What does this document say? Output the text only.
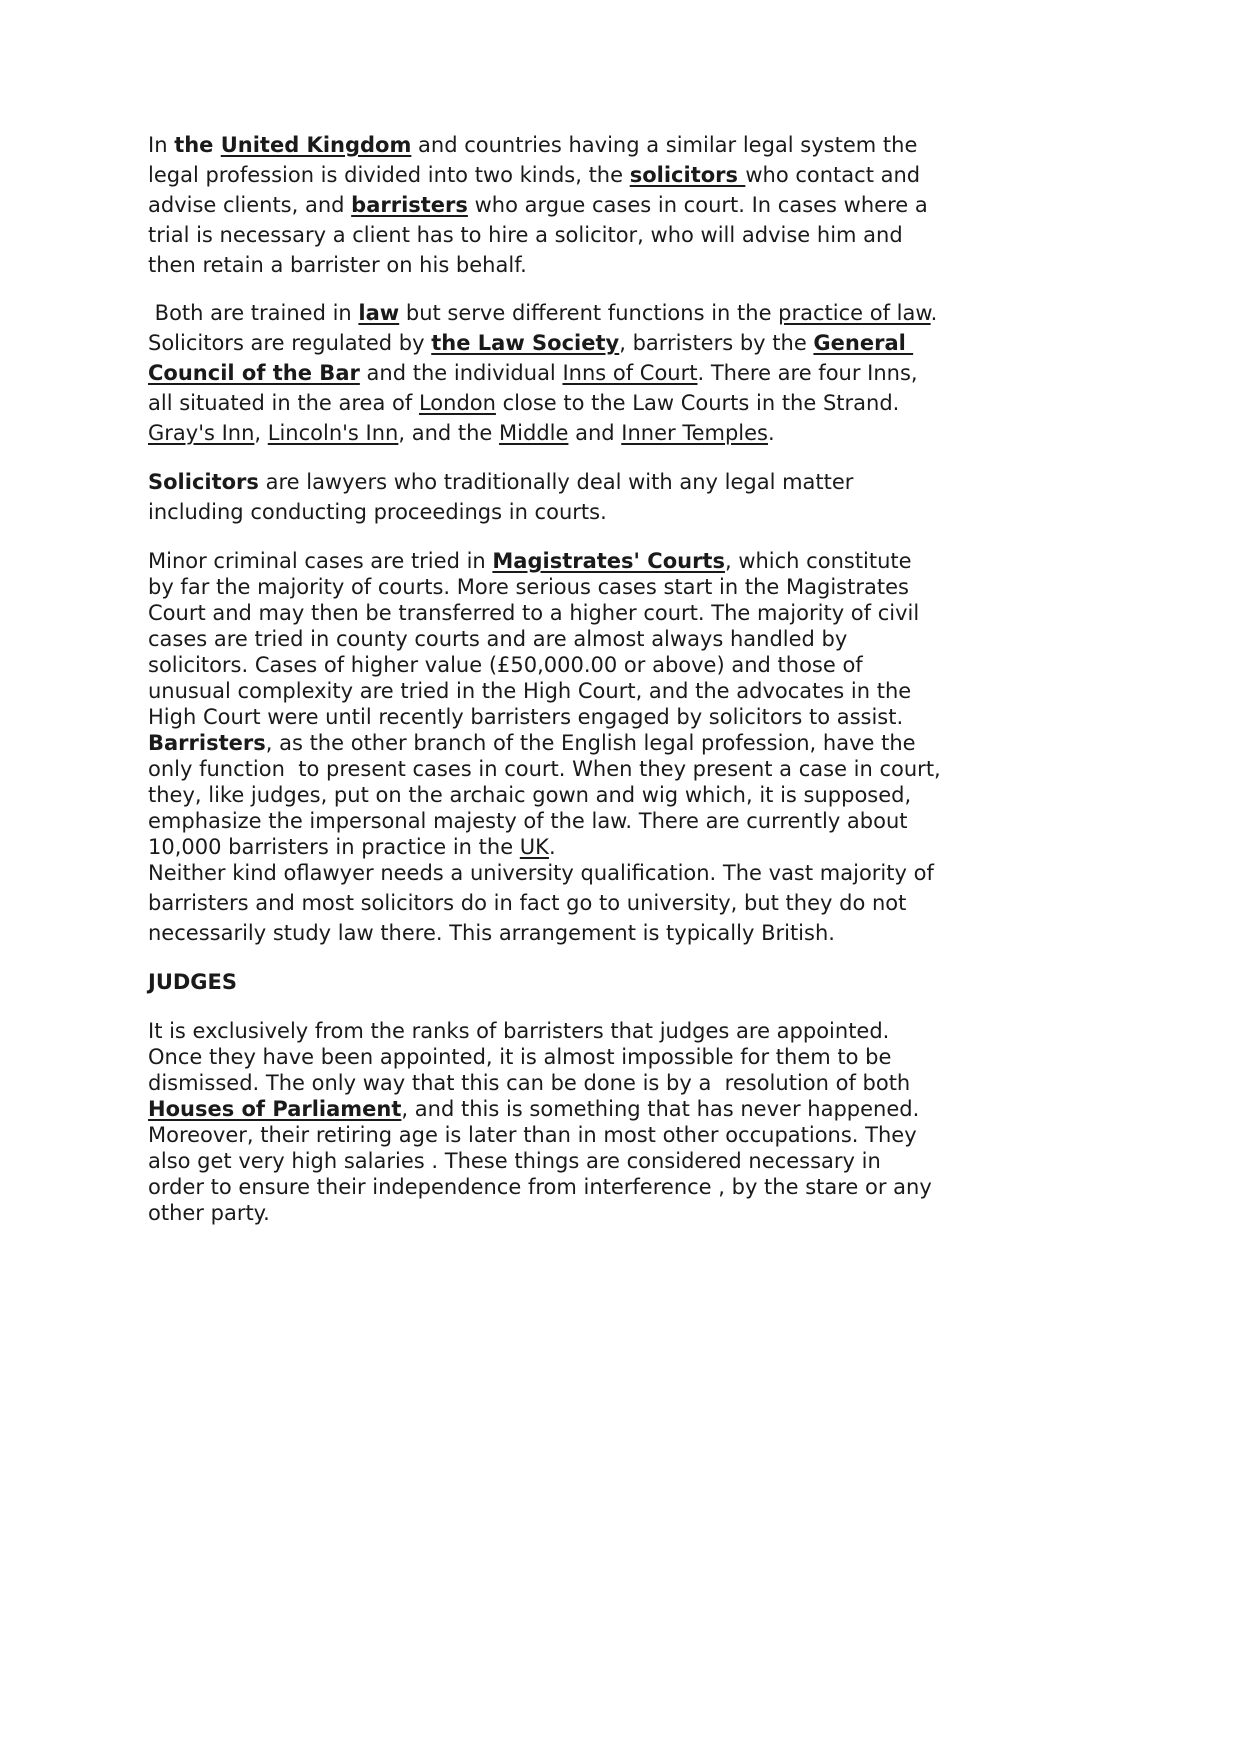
In the United Kingdom and countries having a similar legal system the
legal profession is divided into two kinds, the solicitors who contact and
advise clients, and barristers who argue cases in court. In cases where a
trial is necessary a client has to hire a solicitor, who will advise him and
then retain a barrister on his behalf.
Both are trained in law but serve different functions in the practice of law.
Solicitors are regulated by the Law Society, barristers by the General
Council of the Bar and the individual Inns of Court. There are four Inns,
all situated in the area of London close to the Law Courts in the Strand.
Gray's Inn, Lincoln's Inn, and the Middle and Inner Temples.
Solicitors are lawyers who traditionally deal with any legal matter
including conducting proceedings in courts.
Minor criminal cases are tried in Magistrates' Courts, which constitute
by far the majority of courts. More serious cases start in the Magistrates
Court and may then be transferred to a higher court. The majority of civil
cases are tried in county courts and are almost always handled by
solicitors. Cases of higher value (£50,000.00 or above) and those of
unusual complexity are tried in the High Court, and the advocates in the
High Court were until recently barristers engaged by solicitors to assist.
Barristers, as the other branch of the English legal profession, have the
only function  to present cases in court. When they present a case in court,
they, like judges, put on the archaic gown and wig which, it is supposed,
emphasize the impersonal majesty of the law. There are currently about
10,000 barristers in practice in the UK.
Neither kind oflawyer needs a university qualification. The vast majority of
barristers and most solicitors do in fact go to university, but they do not
necessarily study law there. This arrangement is typically British.
JUDGES
It is exclusively from the ranks of barristers that judges are appointed.
Once they have been appointed, it is almost impossible for them to be
dismissed. The only way that this can be done is by a  resolution of both
Houses of Parliament, and this is something that has never happened.
Moreover, their retiring age is later than in most other occupations. They
also get very high salaries . These things are considered necessary in
order to ensure their independence from interference , by the stare or any
other party.
